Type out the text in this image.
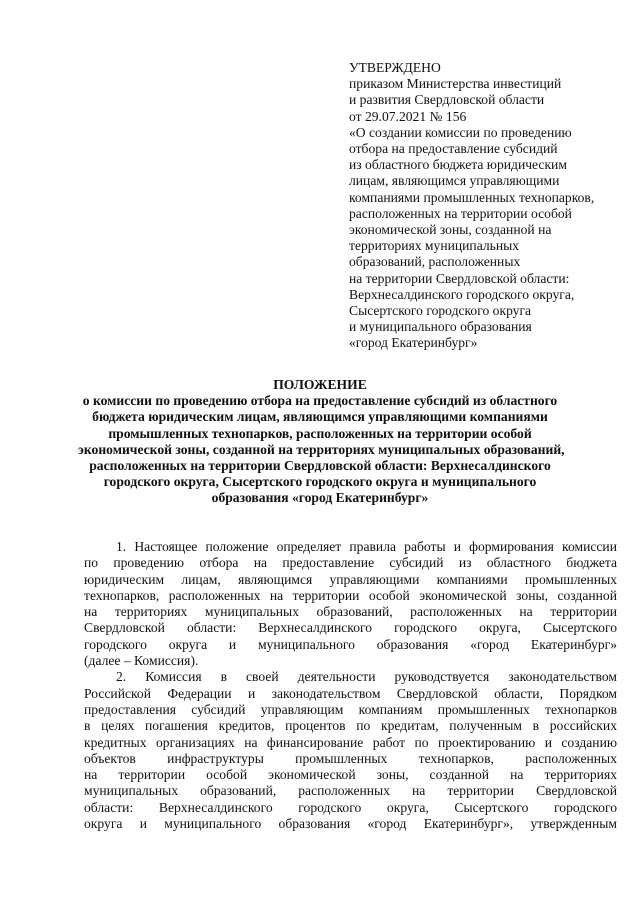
УТВЕРЖДЕНО
приказом Министерства инвестиций
и развития Свердловской области
от 29.07.2021 № 156
«О создании комиссии по проведению
отбора на предоставление субсидий
из областного бюджета юридическим
лицам, являющимся управляющими
компаниями промышленных технопарков,
расположенных на территории особой
экономической зоны, созданной на
территориях муниципальных
образований, расположенных
на территории Свердловской области:
Верхнесалдинского городского округа,
Сысертского городского округа
и муниципального образования
«город Екатеринбург»
ПОЛОЖЕНИЕ
о комиссии по проведению отбора на предоставление субсидий из областного
бюджета юридическим лицам, являющимся управляющими компаниями
промышленных технопарков, расположенных на территории особой
экономической зоны, созданной на территориях муниципальных образований,
расположенных на территории Свердловской области: Верхнесалдинского
городского округа, Сысертского городского округа и муниципального
образования «город Екатеринбург»
1. Настоящее положение определяет правила работы и формирования комиссии
по проведению отбора на предоставление субсидий из областного бюджета
юридическим лицам, являющимся управляющими компаниями промышленных
технопарков, расположенных на территории особой экономической зоны, созданной
на территориях муниципальных образований, расположенных на территории
Свердловской области: Верхнесалдинского городского округа, Сысертского
городского округа и муниципального образования «город Екатеринбург»
(далее – Комиссия).
2. Комиссия в своей деятельности руководствуется законодательством
Российской Федерации и законодательством Свердловской области, Порядком
предоставления субсидий управляющим компаниям промышленных технопарков
в целях погашения кредитов, процентов по кредитам, полученным в российских
кредитных организациях на финансирование работ по проектированию и созданию
объектов инфраструктуры промышленных технопарков, расположенных
на территории особой экономической зоны, созданной на территориях
муниципальных образований, расположенных на территории Свердловской
области: Верхнесалдинского городского округа, Сысертского городского
округа и муниципального образования «город Екатеринбург», утвержденным
